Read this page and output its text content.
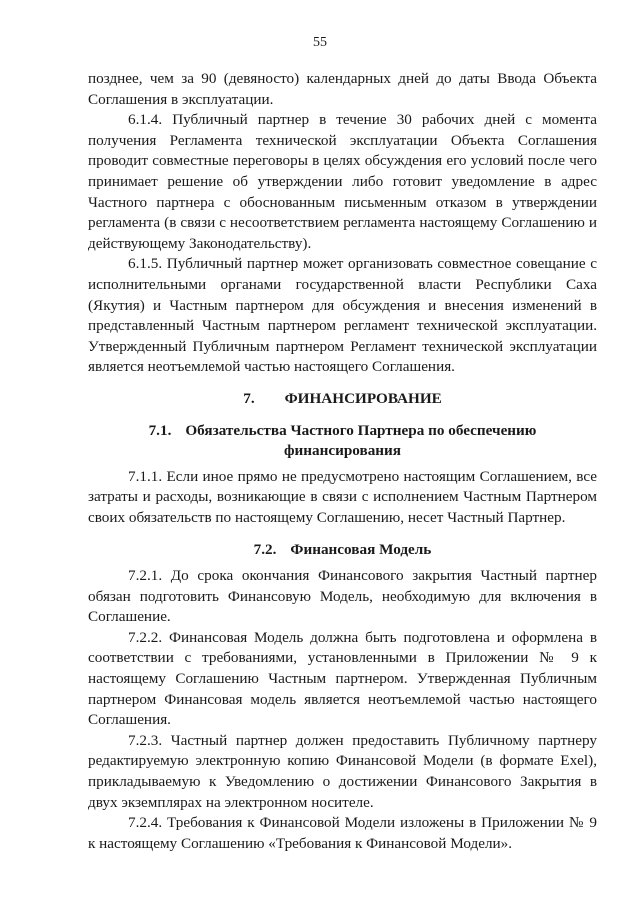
55

позднее, чем за 90 (девяносто) календарных дней до даты Ввода Объекта Соглашения в эксплуатации.

6.1.4. Публичный партнер в течение 30 рабочих дней с момента получения Регламента технической эксплуатации Объекта Соглашения проводит совместные переговоры в целях обсуждения его условий после чего принимает решение об утверждении либо готовит уведомление в адрес Частного партнера с обоснованным письменным отказом в утверждении регламента (в связи с несоответствием регламента настоящему Соглашению и действующему Законодательству).

6.1.5. Публичный партнер может организовать совместное совещание с исполнительными органами государственной власти Республики Саха (Якутия) и Частным партнером для обсуждения и внесения изменений в представленный Частным партнером регламент технической эксплуатации. Утвержденный Публичным партнером Регламент технической эксплуатации является неотъемлемой частью настоящего Соглашения.

7. ФИНАНСИРОВАНИЕ
7.1. Обязательства Частного Партнера по обеспечению финансирования

7.1.1. Если иное прямо не предусмотрено настоящим Соглашением, все затраты и расходы, возникающие в связи с исполнением Частным Партнером своих обязательств по настоящему Соглашению, несет Частный Партнер.

7.2. Финансовая Модель

7.2.1. До срока окончания Финансового закрытия Частный партнер обязан подготовить Финансовую Модель, необходимую для включения в Соглашение.

7.2.2. Финансовая Модель должна быть подготовлена и оформлена в соответствии с требованиями, установленными в Приложении № 9 к настоящему Соглашению Частным партнером. Утвержденная Публичным партнером Финансовая модель является неотъемлемой частью настоящего Соглашения.

7.2.3. Частный партнер должен предоставить Публичному партнеру редактируемую электронную копию Финансовой Модели (в формате Exel), прикладываемую к Уведомлению о достижении Финансового Закрытия в двух экземплярах на электронном носителе.

7.2.4. Требования к Финансовой Модели изложены в Приложении № 9 к настоящему Соглашению «Требования к Финансовой Модели».
